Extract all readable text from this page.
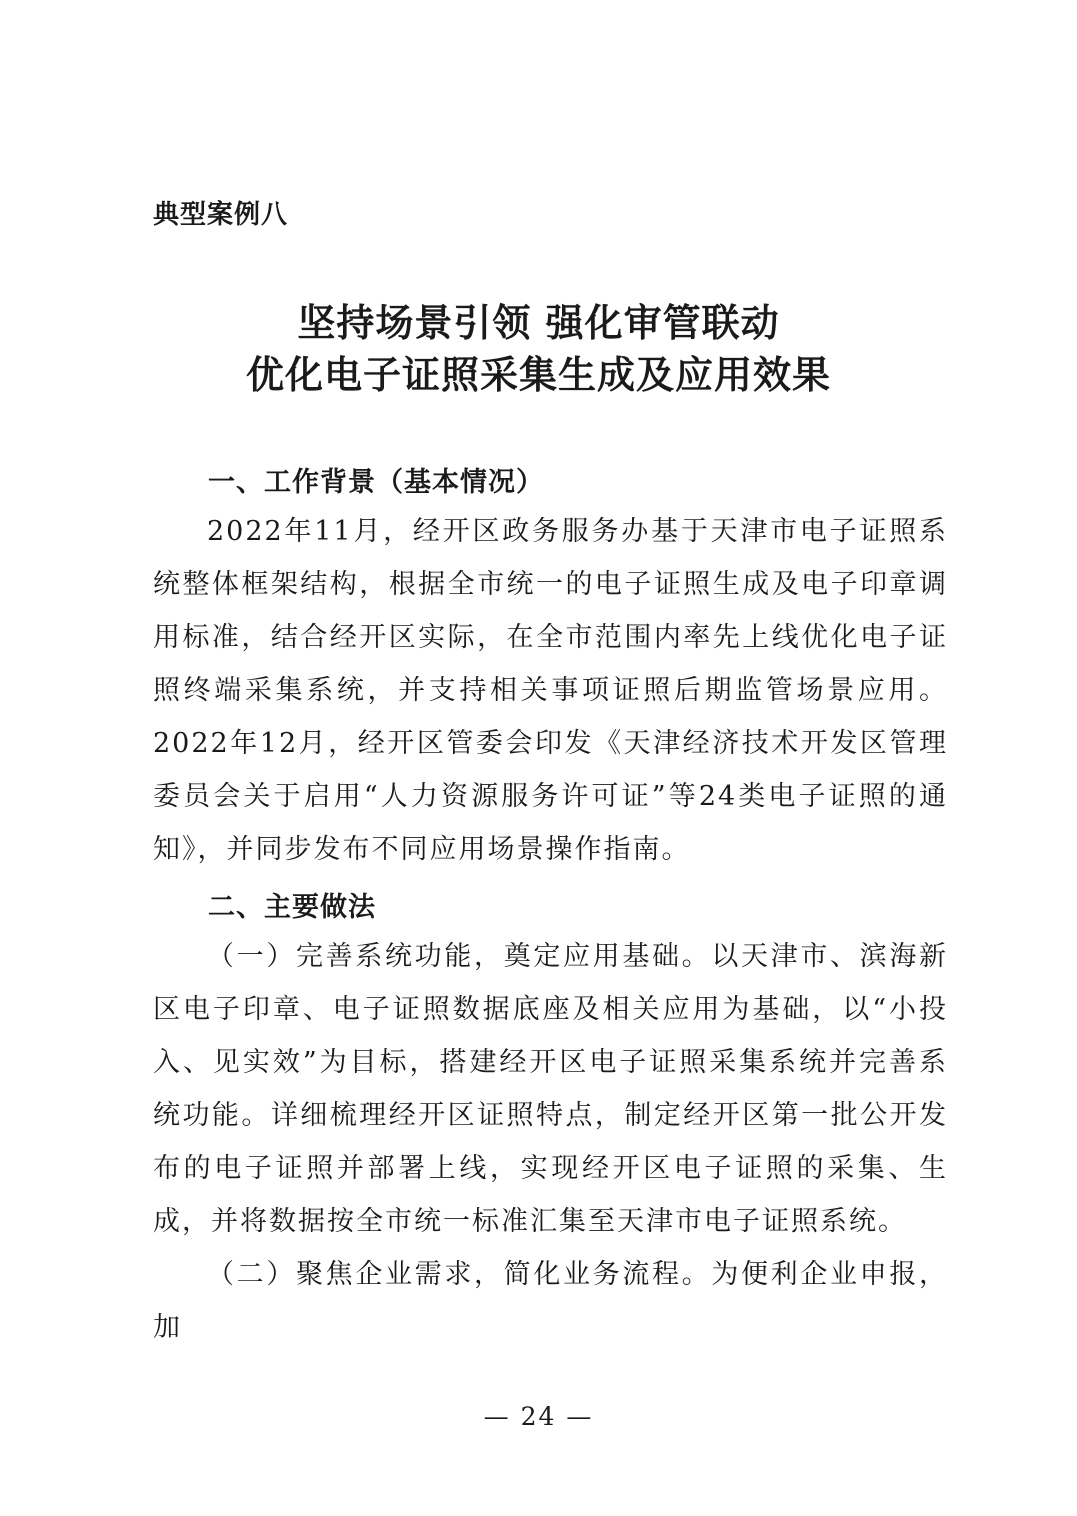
典型案例八
坚持场景引领 强化审管联动
优化电子证照采集生成及应用效果
一、工作背景（基本情况）

2022年11月，经开区政务服务办基于天津市电子证照系统整体框架结构，根据全市统一的电子证照生成及电子印章调用标准，结合经开区实际，在全市范围内率先上线优化电子证照终端采集系统，并支持相关事项证照后期监管场景应用。2022年12月，经开区管委会印发《天津经济技术开发区管理委员会关于启用“人力资源服务许可证”等24类电子证照的通知》，并同步发布不同应用场景操作指南。

二、主要做法

（一）完善系统功能，奠定应用基础。以天津市、滨海新区电子印章、电子证照数据底座及相关应用为基础，以“小投入、见实效”为目标，搭建经开区电子证照采集系统并完善系统功能。详细梳理经开区证照特点，制定经开区第一批公开发布的电子证照并部署上线，实现经开区电子证照的采集、生成，并将数据按全市统一标准汇集至天津市电子证照系统。

（二）聚焦企业需求，简化业务流程。为便利企业申报，加

— 24 —
